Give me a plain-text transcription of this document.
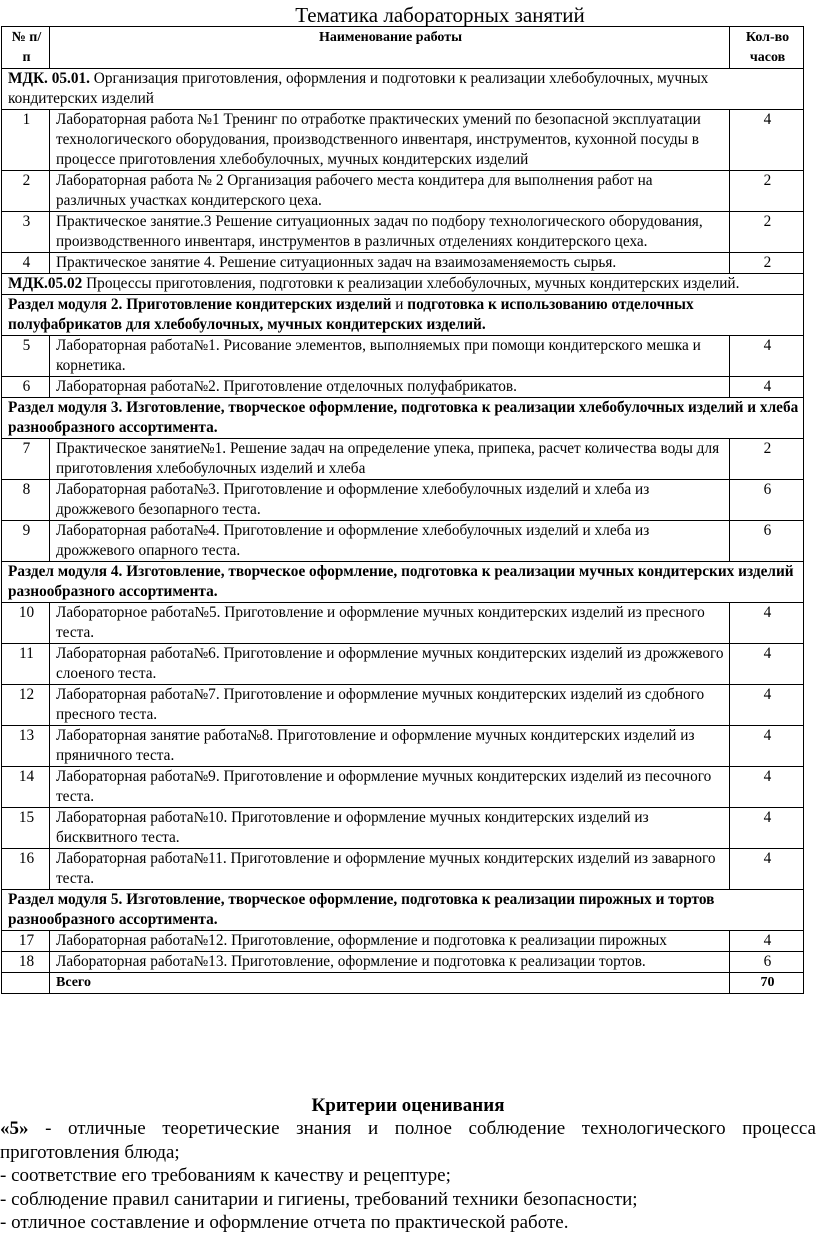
Тематика лабораторных занятий
№ п/п	Наименование работы	Кол-во часов
МДК. 05.01. Организация приготовления, оформления и подготовки к реализации хлебобулочных, мучных кондитерских изделий		
1	Лабораторная работа №1 Тренинг по отработке практических умений по безопасной эксплуатации технологического оборудования, производственного инвентаря, инструментов, кухонной посуды в процессе приготовления хлебобулочных, мучных кондитерских изделий	4
2	Лабораторная работа № 2 Организация рабочего места кондитера для выполнения работ на различных участках кондитерского цеха.	2
3	Практическое занятие.3 Решение ситуационных задач по подбору технологического оборудования, производственного инвентаря, инструментов в различных отделениях кондитерского цеха.	2
4	Практическое занятие 4. Решение ситуационных задач на взаимозаменяемость сырья.	2
МДК.05.02 Процессы приготовления, подготовки к реализации хлебобулочных, мучных кондитерских изделий.		
Раздел модуля 2. Приготовление кондитерских изделий и подготовка к использованию отделочных полуфабрикатов для хлебобулочных, мучных кондитерских изделий.		
5	Лабораторная работа№1. Рисование элементов, выполняемых при помощи кондитерского мешка и корнетика.	4
6	Лабораторная работа№2. Приготовление отделочных полуфабрикатов.	4
Раздел модуля 3. Изготовление, творческое оформление, подготовка к реализации хлебобулочных изделий и хлеба разнообразного ассортимента.		
7	Практическое занятие№1. Решение задач на определение упека, припека, расчет количества воды для приготовления хлебобулочных изделий и хлеба	2
8	Лабораторная работа№3. Приготовление и оформление хлебобулочных изделий и хлеба из дрожжевого безопарного теста.	6
9	Лабораторная работа№4. Приготовление и оформление хлебобулочных изделий и хлеба из дрожжевого опарного теста.	6
Раздел модуля 4. Изготовление, творческое оформление, подготовка к реализации мучных кондитерских изделий разнообразного ассортимента.		
10	Лабораторное работа№5. Приготовление и оформление мучных кондитерских изделий из пресного теста.	4
11	Лабораторная работа№6. Приготовление и оформление мучных кондитерских изделий из дрожжевого слоеного теста.	4
12	Лабораторная работа№7. Приготовление и оформление мучных кондитерских изделий из сдобного пресного теста.	4
13	Лабораторная занятие работа№8. Приготовление и оформление мучных кондитерских изделий из пряничного теста.	4
14	Лабораторная работа№9. Приготовление и оформление мучных кондитерских изделий из песочного теста.	4
15	Лабораторная работа№10. Приготовление и оформление мучных кондитерских изделий из бисквитного теста.	4
16	Лабораторная работа№11. Приготовление и оформление мучных кондитерских изделий из заварного теста.	4
Раздел модуля 5. Изготовление, творческое оформление, подготовка к реализации пирожных и тортов разнообразного ассортимента.		
17	Лабораторная работа№12. Приготовление, оформление и подготовка к реализации пирожных	4
18	Лабораторная работа№13. Приготовление, оформление и подготовка к реализации тортов.	6
	Всего	70
Критерии оценивания

«5» - отличные теоретические знания и полное соблюдение технологического процесса приготовления блюда;

- соответствие его требованиям к качеству и рецептуре;

- соблюдение правил санитарии и гигиены, требований техники безопасности;

- отличное составление и оформление отчета по практической работе.
